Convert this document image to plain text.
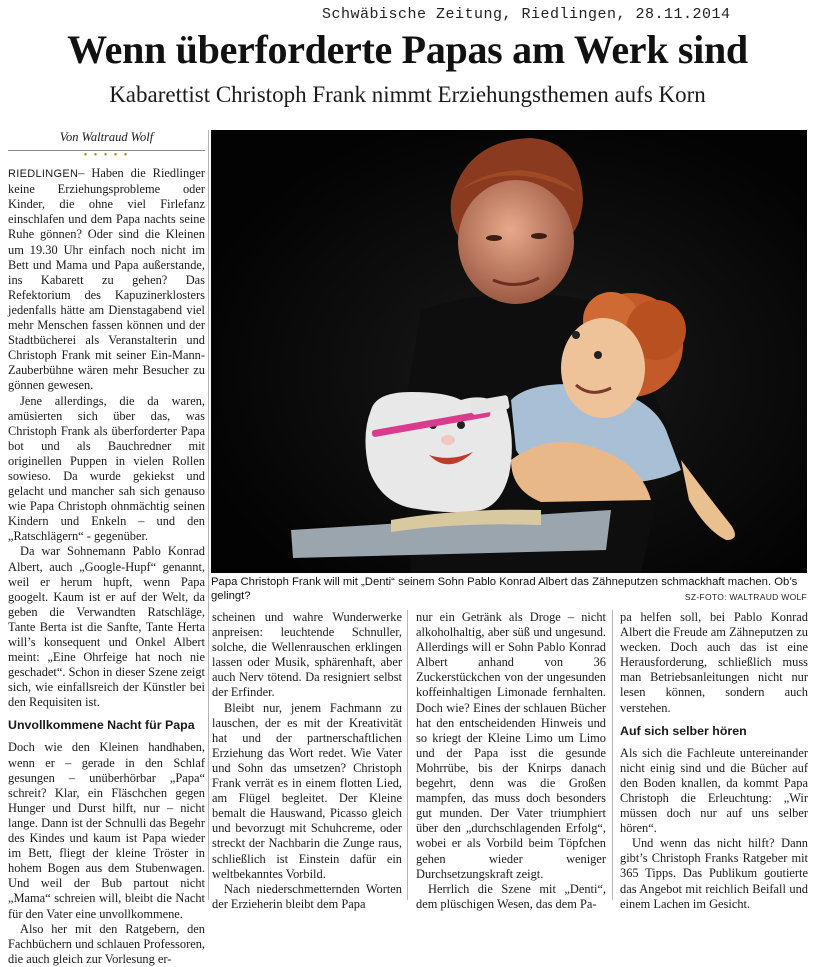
Schwäbische Zeitung, Riedlingen, 28.11.2014
Wenn überforderte Papas am Werk sind
Kabarettist Christoph Frank nimmt Erziehungsthemen aufs Korn
Von Waltraud Wolf
• • • • •

RIEDLINGEN– Haben die Riedlinger keine Erziehungsprobleme oder Kinder, die ohne viel Firlefanz einschlafen und dem Papa nachts seine Ruhe gönnen? Oder sind die Kleinen um 19.30 Uhr einfach noch nicht im Bett und Mama und Papa außerstande, ins Kabarett zu gehen? Das Refektorium des Kapuzinerklosters jedenfalls hätte am Dienstagabend viel mehr Menschen fassen können und der Stadtbücherei als Veranstalterin und Christoph Frank mit seiner Ein-Mann-Zauberbühne wären mehr Besucher zu gönnen gewesen.

Jene allerdings, die da waren, amüsierten sich über das, was Christoph Frank als überforderter Papa bot und als Bauchredner mit originellen Puppen in vielen Rollen sowieso. Da wurde gekiekst und gelacht und mancher sah sich genauso wie Papa Christoph ohnmächtig seinen Kindern und Enkeln – und den „Ratschlägern“ - gegenüber.

Da war Sohnemann Pablo Konrad Albert, auch „Google-Hupf“ genannt, weil er herum hupft, wenn Papa googelt. Kaum ist er auf der Welt, da geben die Verwandten Ratschläge, Tante Berta ist die Sanfte, Tante Herta will’s konsequent und Onkel Albert meint: „Eine Ohrfeige hat noch nie geschadet“. Schon in dieser Szene zeigt sich, wie einfallsreich der Künstler bei den Requisiten ist.

Unvollkommene Nacht für Papa

Doch wie den Kleinen handhaben, wenn er – gerade in den Schlaf gesungen – unüberhörbar „Papa“ schreit? Klar, ein Fläschchen gegen Hunger und Durst hilft, nur – nicht lange. Dann ist der Schnulli das Begehr des Kindes und kaum ist Papa wieder im Bett, fliegt der kleine Tröster in hohem Bogen aus dem Stubenwagen. Und weil der Bub partout nicht „Mama“ schreien will, bleibt die Nacht für den Vater eine unvollkommene.

Also her mit den Ratgebern, den Fachbüchern und schlauen Professoren, die auch gleich zur Vorlesung er-

Papa Christoph Frank will mit „Denti“ seinem Sohn Pablo Konrad Albert das Zähneputzen schmackhaft machen. Ob’s gelingt?	SZ-FOTO: WALTRAUD WOLF

scheinen und wahre Wunderwerke anpreisen: leuchtende Schnuller, solche, die Wellenrauschen erklingen lassen oder Musik, sphärenhaft, aber auch Nerv tötend. Da resigniert selbst der Erfinder.

Bleibt nur, jenem Fachmann zu lauschen, der es mit der Kreativität hat und der partnerschaftlichen Erziehung das Wort redet. Wie Vater und Sohn das umsetzen? Christoph Frank verrät es in einem flotten Lied, am Flügel begleitet. Der Kleine bemalt die Hauswand, Picasso gleich und bevorzugt mit Schuhcreme, oder streckt der Nachbarin die Zunge raus, schließlich ist Einstein dafür ein weltbekanntes Vorbild.

Nach niederschmetternden Worten der Erzieherin bleibt dem Papa

nur ein Getränk als Droge – nicht alkoholhaltig, aber süß und ungesund. Allerdings will er Sohn Pablo Konrad Albert anhand von 36 Zuckerstückchen von der ungesunden koffeinhaltigen Limonade fernhalten. Doch wie? Eines der schlauen Bücher hat den entscheidenden Hinweis und so kriegt der Kleine Limo um Limo und der Papa isst die gesunde Mohrrübe, bis der Knirps danach begehrt, denn was die Großen mampfen, das muss doch besonders gut munden. Der Vater triumphiert über den „durchschlagenden Erfolg“, wobei er als Vorbild beim Töpfchen gehen wieder weniger Durchsetzungskraft zeigt.

Herrlich die Szene mit „Denti“, dem plüschigen Wesen, das dem Pa-

pa helfen soll, bei Pablo Konrad Albert die Freude am Zähneputzen zu wecken. Doch auch das ist eine Herausforderung, schließlich muss man Betriebsanleitungen nicht nur lesen können, sondern auch verstehen.

Auf sich selber hören

Als sich die Fachleute untereinander nicht einig sind und die Bücher auf den Boden knallen, da kommt Papa Christoph die Erleuchtung: „Wir müssen doch nur auf uns selber hören“.

Und wenn das nicht hilft? Dann gibt’s Christoph Franks Ratgeber mit 365 Tipps. Das Publikum goutierte das Angebot mit reichlich Beifall und einem Lachen im Gesicht.
